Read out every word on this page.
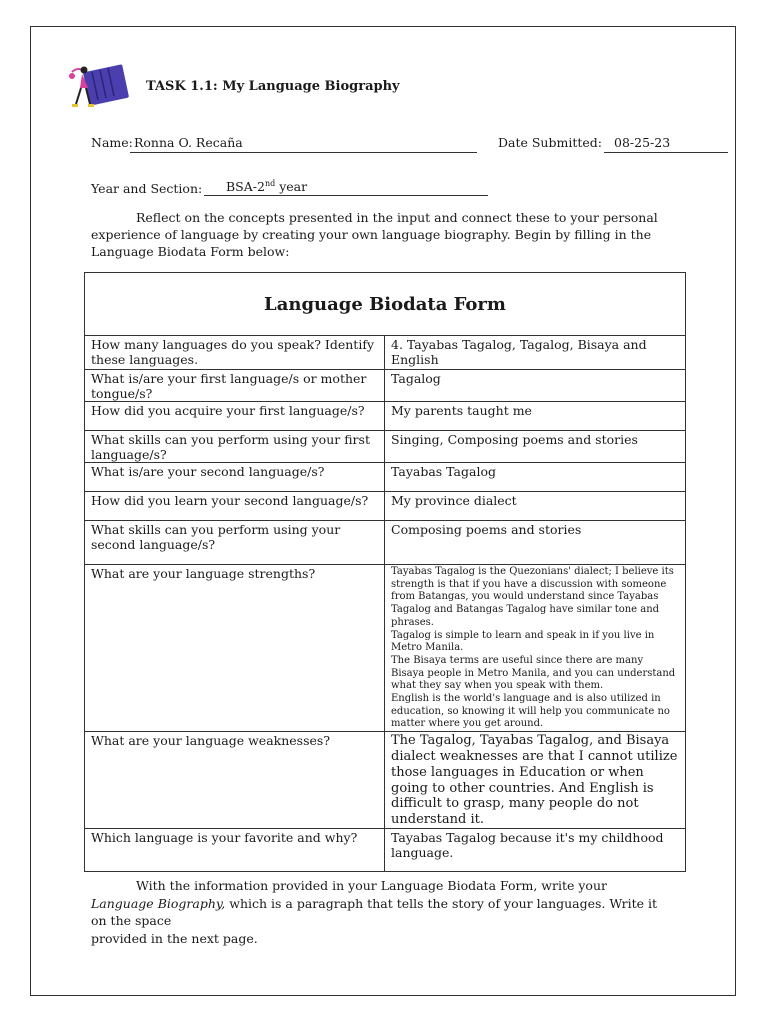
TASK 1.1: My Language Biography
Name: Ronna O. Recaña	Date Submitted: 08-25-23
Year and Section: BSA-2nd year
Reflect on the concepts presented in the input and connect these to your personal
experience of language by creating your own language biography. Begin by filling in the
Language Biodata Form below:
Language Biodata Form	
How many languages do you speak? Identify these languages.	4. Tayabas Tagalog, Tagalog, Bisaya and English
What is/are your first language/s or mother tongue/s?	Tagalog
How did you acquire your first language/s?	My parents taught me
What skills can you perform using your first language/s?	Singing, Composing poems and stories
What is/are your second language/s?	Tayabas Tagalog
How did you learn your second language/s?	My province dialect
What skills can you perform using your second language/s?	Composing poems and stories
What are your language strengths?	Tayabas Tagalog is the Quezonians' dialect; I believe its strength is that if you have a discussion with someone from Batangas, you would understand since Tayabas Tagalog and Batangas Tagalog have similar tone and phrases.
Tagalog is simple to learn and speak in if you live in Metro Manila.
The Bisaya terms are useful since there are many Bisaya people in Metro Manila, and you can understand what they say when you speak with them.
English is the world's language and is also utilized in education, so knowing it will help you communicate no matter where you get around.
What are your language weaknesses?	The Tagalog, Tayabas Tagalog, and Bisaya dialect weaknesses are that I cannot utilize those languages in Education or when going to other countries. And English is difficult to grasp, many people do not understand it.
Which language is your favorite and why?	Tayabas Tagalog because it's my childhood language.
With the information provided in your Language Biodata Form, write your Language Biography, which is a paragraph that tells the story of your languages. Write it on the space
provided in the next page.
